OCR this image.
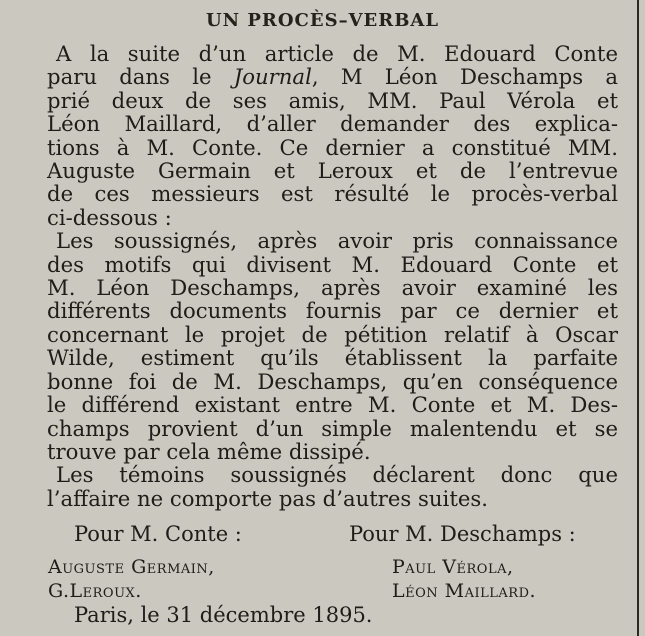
UN PROCÈS–VERBAL
A la suite d’un article de M. Edouard Conte
paru dans le Journal, M Léon Deschamps a
prié deux de ses amis, MM. Paul Vérola et
Léon Maillard, d’aller demander des explica-
tions à M. Conte. Ce dernier a constitué MM.
Auguste Germain et Leroux et de l’entrevue
de ces messieurs est résulté le procès-verbal
ci-dessous :
Les soussignés, après avoir pris connaissance
des motifs qui divisent M. Edouard Conte et
M. Léon Deschamps, après avoir examiné les
différents documents fournis par ce dernier et
concernant le projet de pétition relatif à Oscar
Wilde, estiment qu’ils établissent la parfaite
bonne foi de M. Deschamps, qu’en conséquence
le différend existant entre M. Conte et M. Des-
champs provient d’un simple malentendu et se
trouve par cela même dissipé.
Les témoins soussignés déclarent donc que
l’affaire ne comporte pas d’autres suites.
Pour M. Conte :	Pour M. Deschamps :
Auguste Germain,
G.Leroux.
Paul Vérola,
Léon Maillard.
Paris, le 31 décembre 1895.
